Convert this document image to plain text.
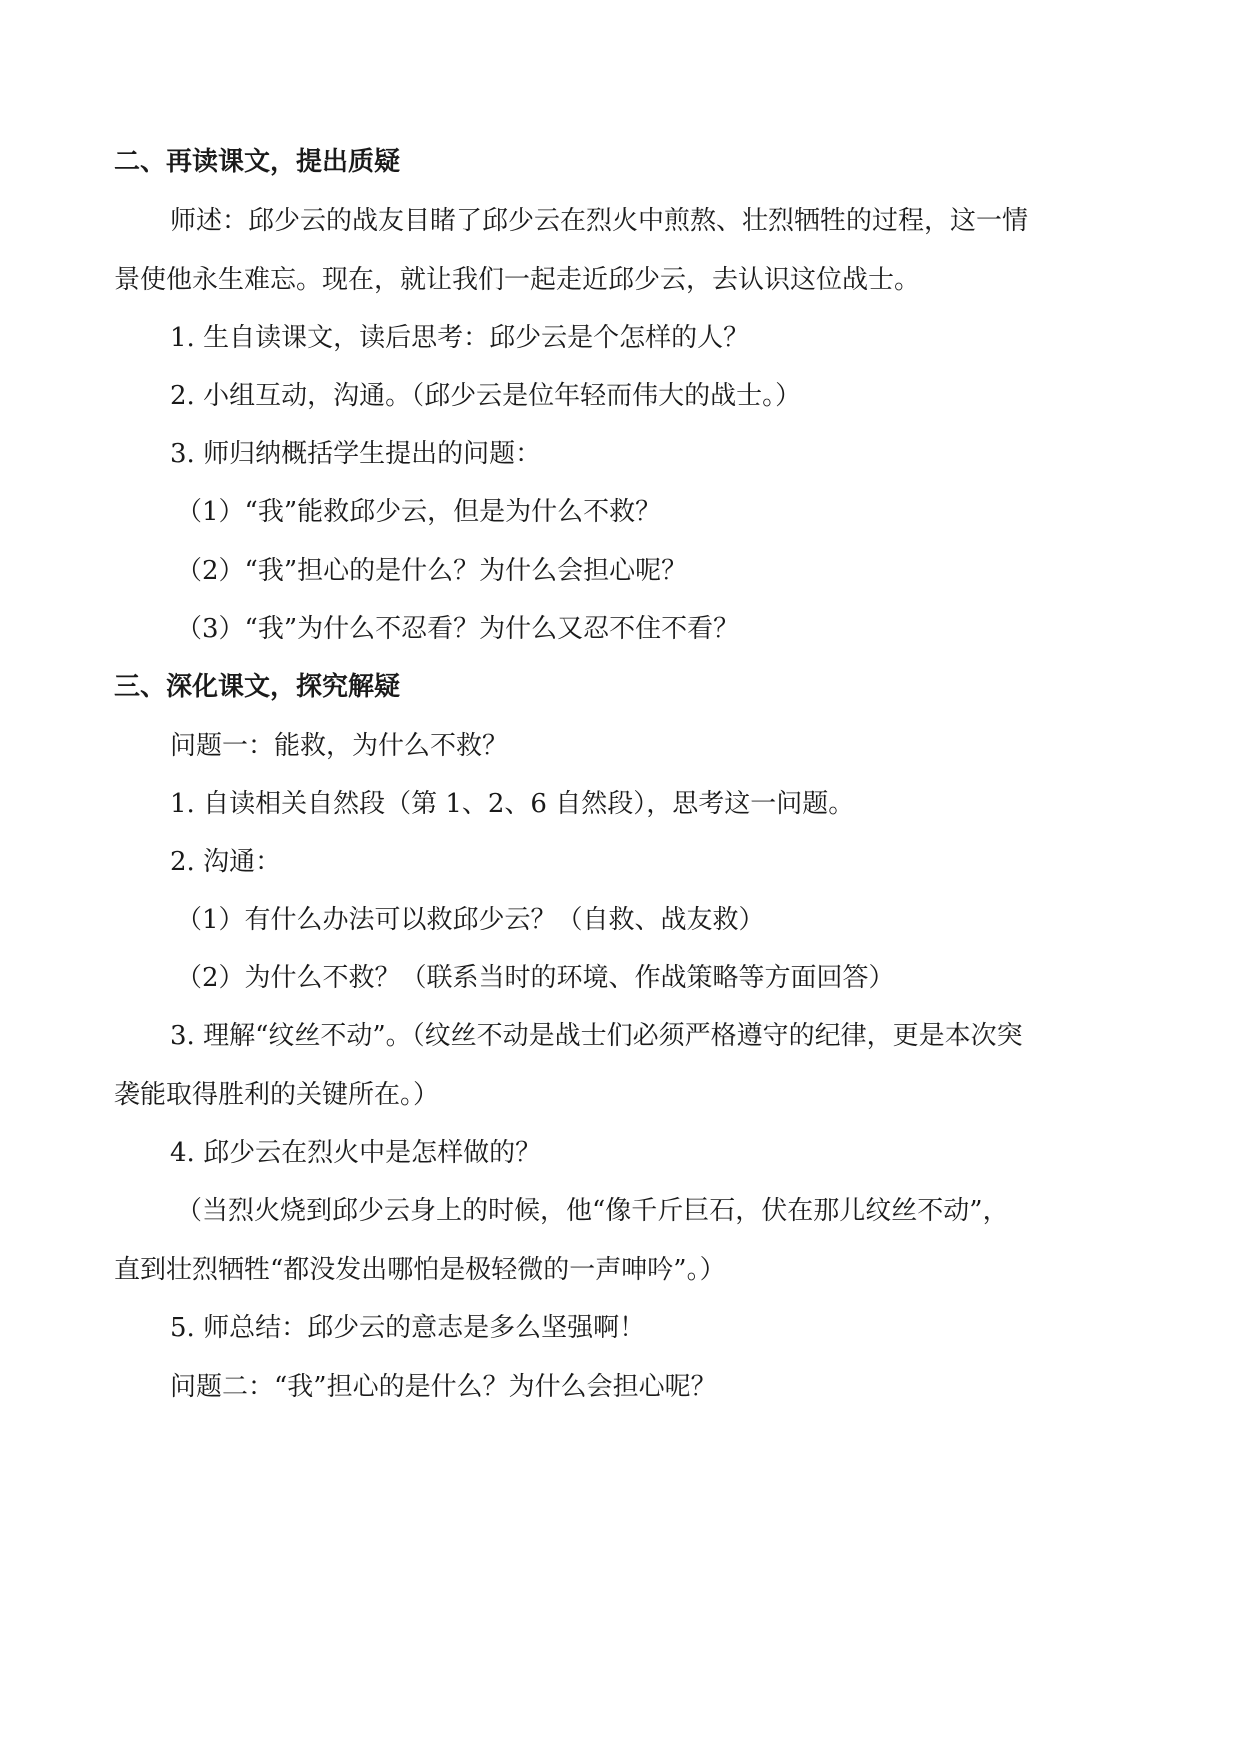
二、再读课文，提出质疑
师述：邱少云的战友目睹了邱少云在烈火中煎熬、壮烈牺牲的过程，这一情
景使他永生难忘。现在，就让我们一起走近邱少云，去认识这位战士。
1. 生自读课文，读后思考：邱少云是个怎样的人？
2. 小组互动，沟通。（邱少云是位年轻而伟大的战士。）
3. 师归纳概括学生提出的问题：
（1）“我”能救邱少云，但是为什么不救？
（2）“我”担心的是什么？为什么会担心呢？
（3）“我”为什么不忍看？为什么又忍不住不看？
三、深化课文，探究解疑
问题一：能救，为什么不救？
1. 自读相关自然段（第 1、2、6 自然段），思考这一问题。
2. 沟通：
（1）有什么办法可以救邱少云？（自救、战友救）
（2）为什么不救？（联系当时的环境、作战策略等方面回答）
3. 理解“纹丝不动”。（纹丝不动是战士们必须严格遵守的纪律，更是本次突
袭能取得胜利的关键所在。）
4. 邱少云在烈火中是怎样做的？
（当烈火烧到邱少云身上的时候，他“像千斤巨石，伏在那儿纹丝不动”，
直到壮烈牺牲“都没发出哪怕是极轻微的一声呻吟”。）
5. 师总结：邱少云的意志是多么坚强啊！
问题二：“我”担心的是什么？为什么会担心呢？
